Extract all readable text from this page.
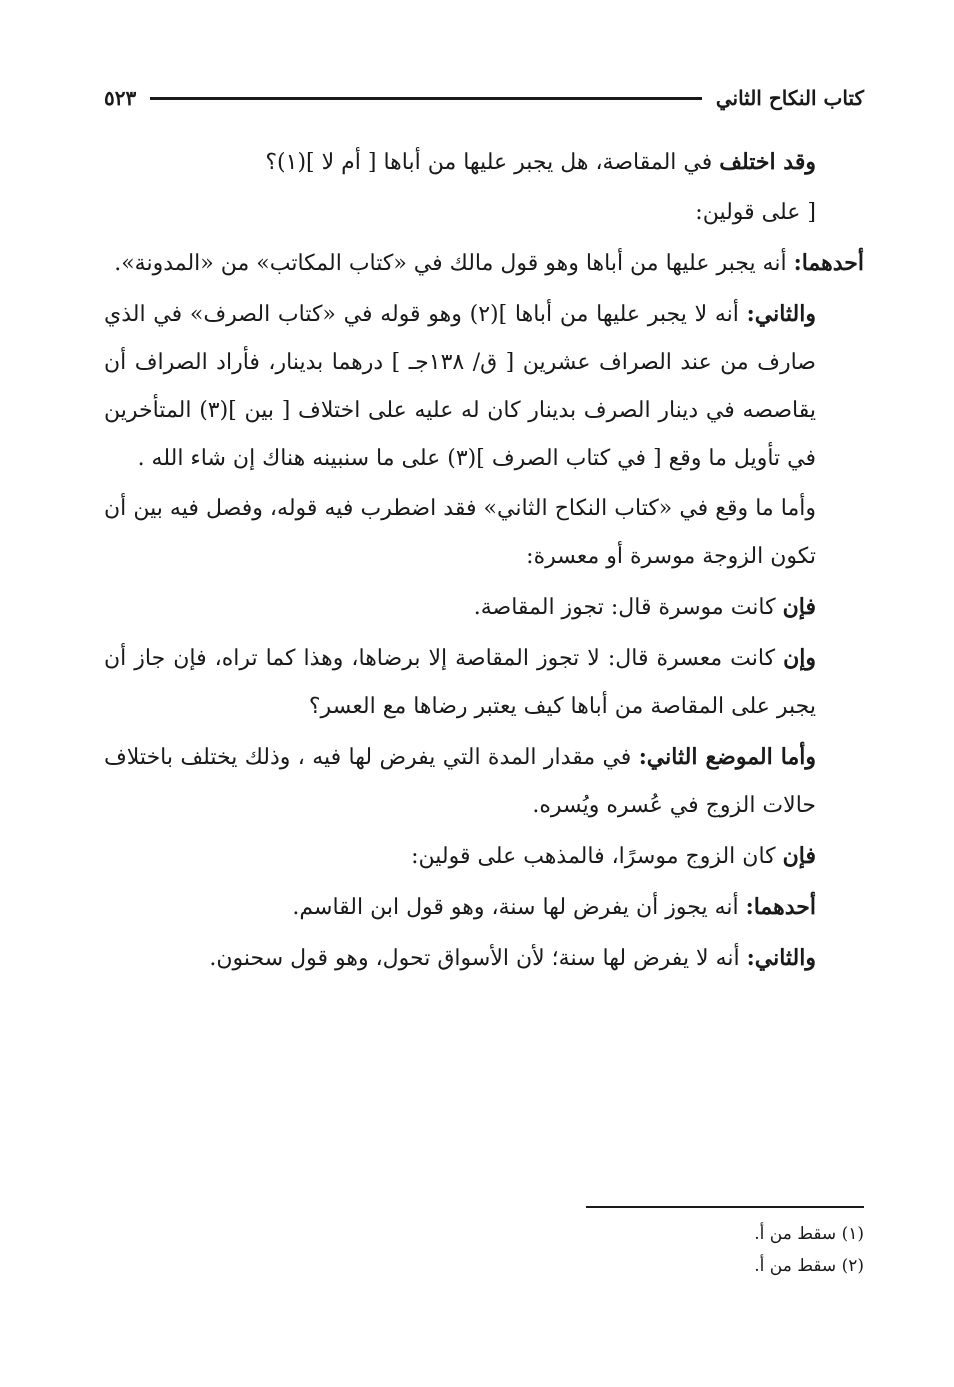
كتاب النكاح الثاني
٥٢٣

وقد اختلف في المقاصة، هل يجبر عليها من أباها [ أم لا ](١)؟

[ على قولين:

أحدهما: أنه يجبر عليها من أباها وهو قول مالك في «كتاب المكاتب» من «المدونة».

والثاني: أنه لا يجبر عليها من أباها ](٢) وهو قوله في «كتاب الصرف» في الذي صارف من عند الصراف عشرين [ ق/ ١٣٨جـ ] درهما بدينار، فأراد الصراف أن يقاصصه في دينار الصرف بدينار كان له عليه على اختلاف [ بين ](٣) المتأخرين في تأويل ما وقع [ في كتاب الصرف ](٣) على ما سنبينه هناك إن شاء الله .

وأما ما وقع في «كتاب النكاح الثاني» فقد اضطرب فيه قوله، وفصل فيه بين أن تكون الزوجة موسرة أو معسرة:

فإن كانت موسرة قال: تجوز المقاصة.

وإن كانت معسرة قال: لا تجوز المقاصة إلا برضاها، وهذا كما تراه، فإن جاز أن يجبر على المقاصة من أباها كيف يعتبر رضاها مع العسر؟

وأما الموضع الثاني: في مقدار المدة التي يفرض لها فيه ، وذلك يختلف باختلاف حالات الزوج في عُسره ويُسره.

فإن كان الزوج موسرًا، فالمذهب على قولين:

أحدهما: أنه يجوز أن يفرض لها سنة، وهو قول ابن القاسم.

والثاني: أنه لا يفرض لها سنة؛ لأن الأسواق تحول، وهو قول سحنون.

(١) سقط من أ.

(٢) سقط من أ.
